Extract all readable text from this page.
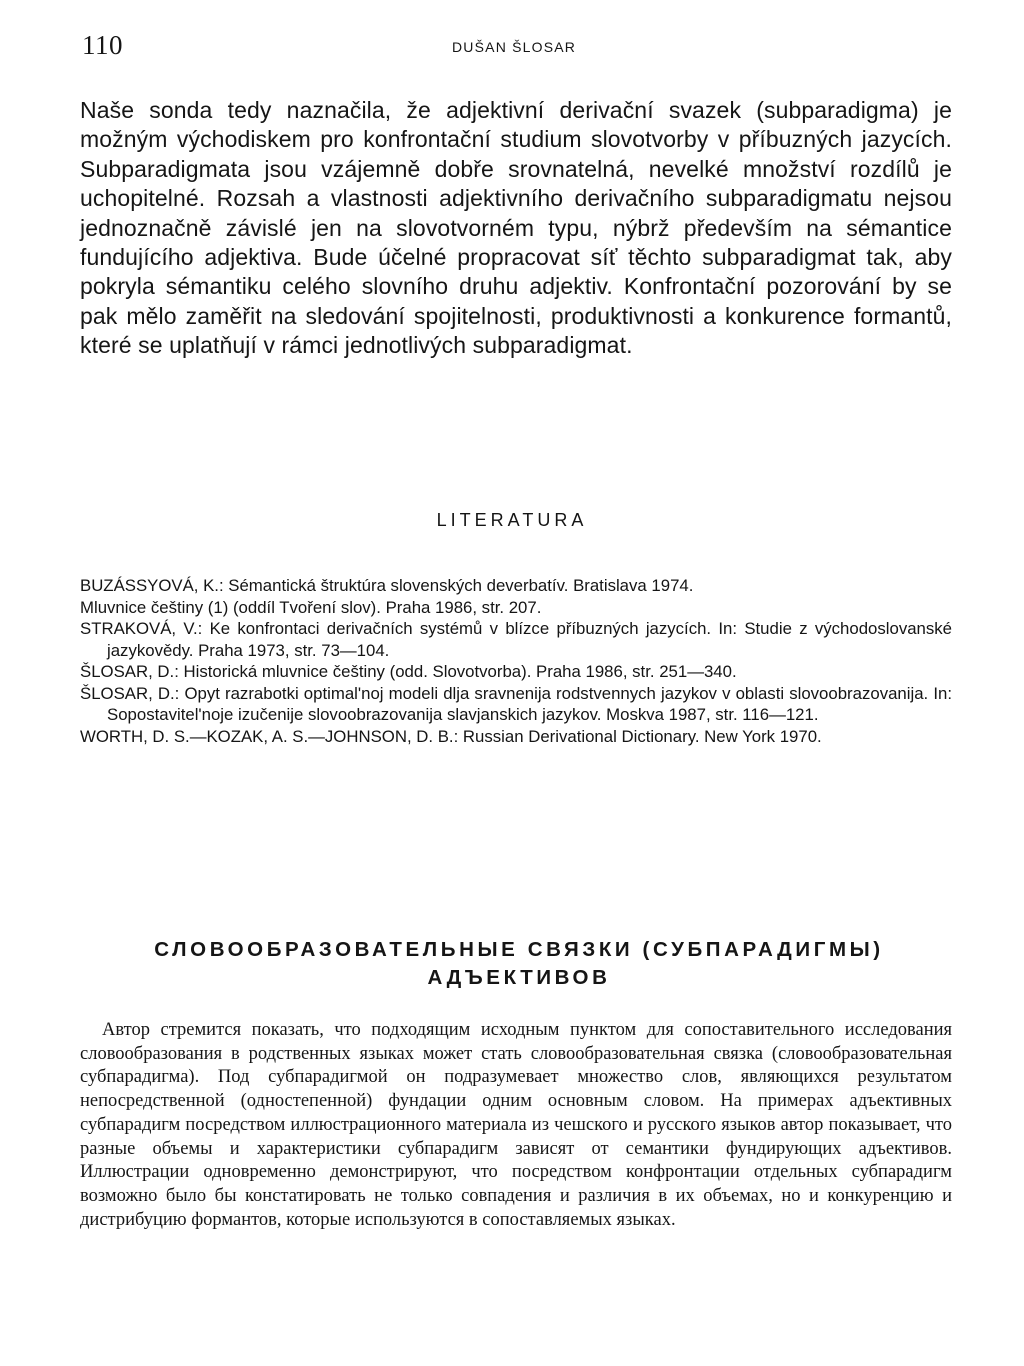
110	DUŠAN ŠLOSAR

Naše sonda tedy naznačila, že adjektivní derivační svazek (subparadigma) je možným východiskem pro konfrontační studium slovotvorby v příbuzných jazycích. Subparadigmata jsou vzájemně dobře srovnatelná, nevelké množství rozdílů je uchopitelné. Rozsah a vlastnosti adjektivního derivačního subparadigmatu nejsou jednoznačně závislé jen na slovotvorném typu, nýbrž především na sémantice fundujícího adjektiva. Bude účelné propracovat síť těchto subparadigmat tak, aby pokryla sémantiku celého slovního druhu adjektiv. Konfrontační pozorování by se pak mělo zaměřit na sledování spojitelnosti, produktivnosti a konkurence formantů, které se uplatňují v rámci jednotlivých subparadigmat.

LITERATURA
BUZÁSSYOVÁ, K.: Sémantická štruktúra slovenských deverbatív. Bratislava 1974.
Mluvnice češtiny (1) (oddíl Tvoření slov). Praha 1986, str. 207.
STRAKOVÁ, V.: Ke konfrontaci derivačních systémů v blízce příbuzných jazycích. In: Studie z východoslovanské jazykovědy. Praha 1973, str. 73—104.
ŠLOSAR, D.: Historická mluvnice češtiny (odd. Slovotvorba). Praha 1986, str. 251—340.
ŠLOSAR, D.: Opyt razrabotki optimal'noj modeli dlja sravnenija rodstvennych jazykov v oblasti slovoobrazovanija. In: Sopostavitel'noje izučenije slovoobrazovanija slavjanskich jazykov. Moskva 1987, str. 116—121.
WORTH, D. S.—KOZAK, A. S.—JOHNSON, D. B.: Russian Derivational Dictionary. New York 1970.
СЛОВООБРАЗОВАТЕЛЬНЫЕ СВЯЗКИ (СУБПАРАДИГМЫ)
АДЪЕКТИВОВ

Автор стремится показать, что подходящим исходным пунктом для сопоставительного исследования словообразования в родственных языках может стать словообразовательная связка (словообразовательная субпарадигма). Под субпарадигмой он подразумевает множество слов, являющихся результатом непосредственной (одностепенной) фундации одним основным словом. На примерах адъективных субпарадигм посредством иллюстрационного материала из чешского и русского языков автор показывает, что разные объемы и характеристики субпарадигм зависят от семантики фундирующих адъективов. Иллюстрации одновременно демонстрируют, что посредством конфронтации отдельных субпарадигм возможно было бы констатировать не только совпадения и различия в их объемах, но и конкуренцию и дистрибуцию формантов, которые используются в сопоставляемых языках.
